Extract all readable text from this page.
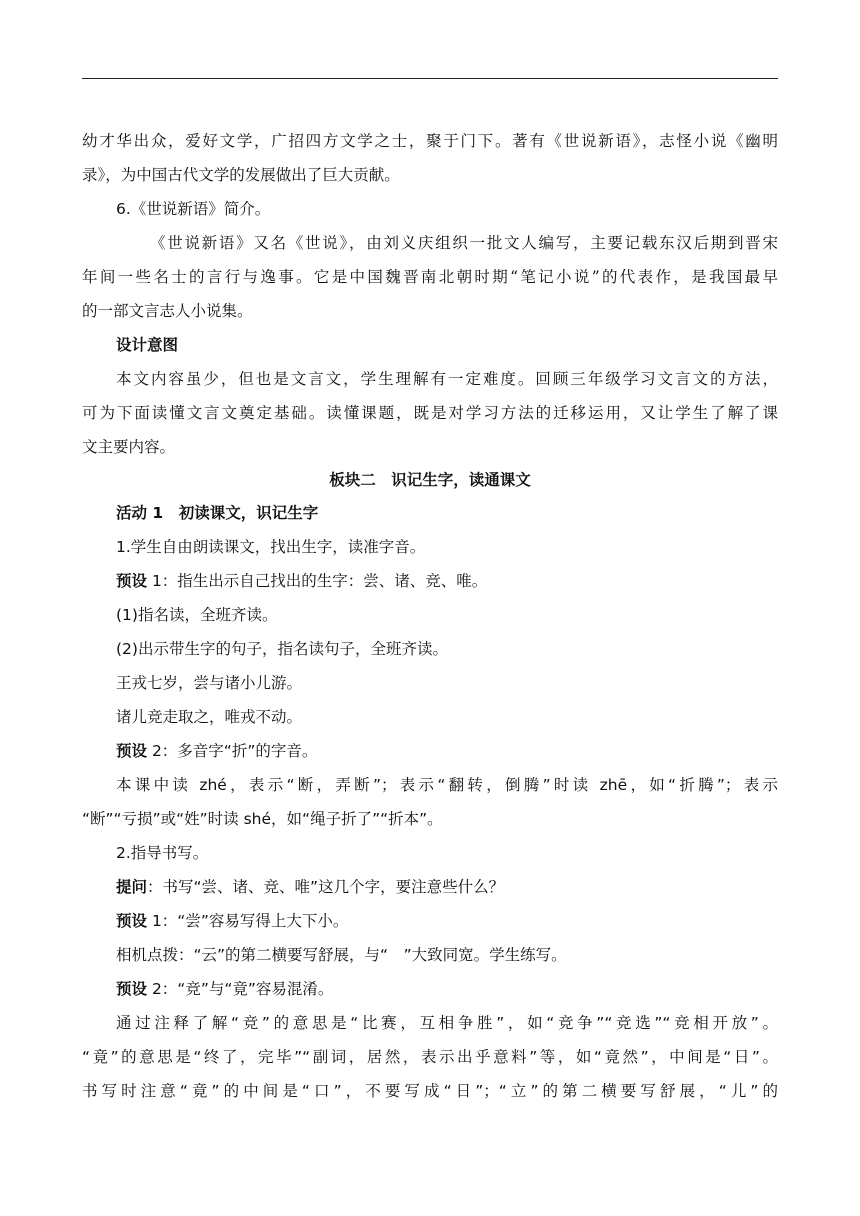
幼才华出众，爱好文学，广招四方文学之士，聚于门下。著有《世说新语》，志怪小说《幽明
录》，为中国古代文学的发展做出了巨大贡献。
6.《世说新语》简介。
《世说新语》又名《世说》，由刘义庆组织一批文人编写，主要记载东汉后期到晋宋
年间一些名士的言行与逸事。它是中国魏晋南北朝时期“笔记小说”的代表作，是我国最早
的一部文言志人小说集。
设计意图
本文内容虽少，但也是文言文，学生理解有一定难度。回顾三年级学习文言文的方法，
可为下面读懂文言文奠定基础。读懂课题，既是对学习方法的迁移运用，又让学生了解了课
文主要内容。
板块二　识记生字，读通课文
活动 1　初读课文，识记生字
1.学生自由朗读课文，找出生字，读准字音。
预设 1：指生出示自己找出的生字：尝、诸、竞、唯。
(1)指名读，全班齐读。
(2)出示带生字的句子，指名读句子，全班齐读。
王戎七岁，尝与诸小儿游。
诸儿竞走取之，唯戎不动。
预设 2：多音字“折”的字音。
本课中读 zhé，表示“断，弄断”；表示“翻转，倒腾”时读 zhē，如“折腾”；表示
“断”“亏损”或“姓”时读 shé，如“绳子折了”“折本”。
2.指导书写。
提问：书写“尝、诸、竞、唯”这几个字，要注意些什么？
预设 1：“尝”容易写得上大下小。
相机点拨：“云”的第二横要写舒展，与“　”大致同宽。学生练写。
预设 2：“竞”与“竟”容易混淆。
通过注释了解“竞”的意思是“比赛，互相争胜”，如“竞争”“竞选”“竞相开放”。
“竟”的意思是“终了，完毕”“副词，居然，表示出乎意料”等，如“竟然”，中间是“日”。
书写时注意“竟”的中间是“口”，不要写成“日”；“立”的第二横要写舒展，“儿”的
